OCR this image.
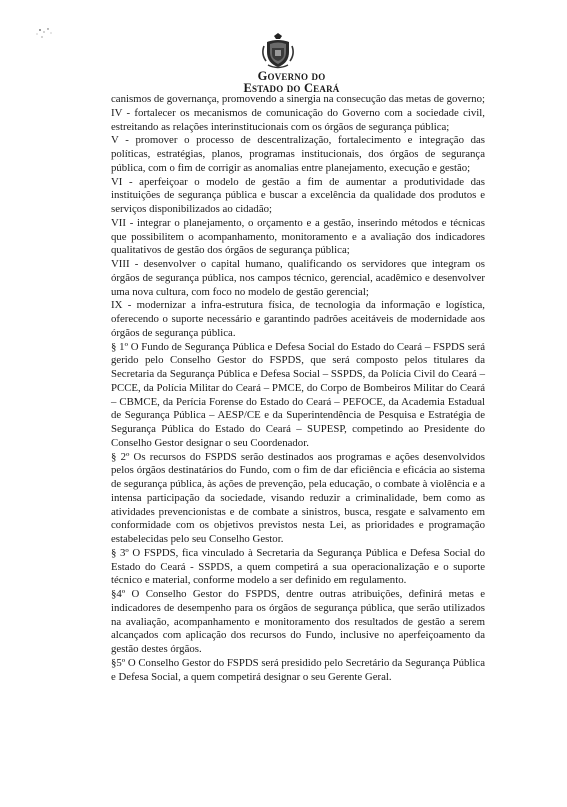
Governo do
Estado do Ceará

canismos de governança, promovendo a sinergia na consecução das metas de governo;

IV - fortalecer os mecanismos de comunicação do Governo com a sociedade civil, estreitando as relações interinstitucionais com os órgãos de segurança pública;

V - promover o processo de descentralização, fortalecimento e integração das políticas, estratégias, planos, programas institucionais, dos órgãos de segurança pública, com o fim de corrigir as anomalias entre planejamento, execução e gestão;

VI - aperfeiçoar o modelo de gestão a fim de aumentar a produtividade das instituições de segurança pública e buscar a excelência da qualidade dos produtos e serviços disponibilizados ao cidadão;

VII - integrar o planejamento, o orçamento e a gestão, inserindo métodos e técnicas que possibilitem o acompanhamento, monitoramento e a avaliação dos indicadores qualitativos de gestão dos órgãos de segurança pública;

VIII - desenvolver o capital humano, qualificando os servidores que integram os órgãos de segurança pública, nos campos técnico, gerencial, acadêmico e desenvolver uma nova cultura, com foco no modelo de gestão gerencial;

IX - modernizar a infra-estrutura física, de tecnologia da informação e logística, oferecendo o suporte necessário e garantindo padrões aceitáveis de modernidade aos órgãos de segurança pública.

§ 1º O Fundo de Segurança Pública e Defesa Social do Estado do Ceará – FSPDS será gerido pelo Conselho Gestor do FSPDS, que será composto pelos titulares da Secretaria da Segurança Pública e Defesa Social – SSPDS, da Polícia Civil do Ceará – PCCE, da Polícia Militar do Ceará – PMCE, do Corpo de Bombeiros Militar do Ceará – CBMCE, da Perícia Forense do Estado do Ceará – PEFOCE, da Academia Estadual de Segurança Pública – AESP/CE e da Superintendência de Pesquisa e Estratégia de Segurança Pública do Estado do Ceará – SUPESP, competindo ao Presidente do Conselho Gestor designar o seu Coordenador.

§ 2º Os recursos do FSPDS serão destinados aos programas e ações desenvolvidos pelos órgãos destinatários do Fundo, com o fim de dar eficiência e eficácia ao sistema de segurança pública, às ações de prevenção, pela educação, o combate à violência e a intensa participação da sociedade, visando reduzir a criminalidade, bem como as atividades prevencionistas e de combate a sinistros, busca, resgate e salvamento em conformidade com os objetivos previstos nesta Lei, as prioridades e programação estabelecidas pelo seu Conselho Gestor.

§ 3º O FSPDS, fica vinculado à Secretaria da Segurança Pública e Defesa Social do Estado do Ceará - SSPDS, a quem competirá a sua operacionalização e o suporte técnico e material, conforme modelo a ser definido em regulamento.

§4º O Conselho Gestor do FSPDS, dentre outras atribuições, definirá metas e indicadores de desempenho para os órgãos de segurança pública, que serão utilizados na avaliação, acompanhamento e monitoramento dos resultados de gestão a serem alcançados com aplicação dos recursos do Fundo, inclusive no aperfeiçoamento da gestão destes órgãos.

§5º O Conselho Gestor do FSPDS será presidido pelo Secretário da Segurança Pública e Defesa Social, a quem competirá designar o seu Gerente Geral.
